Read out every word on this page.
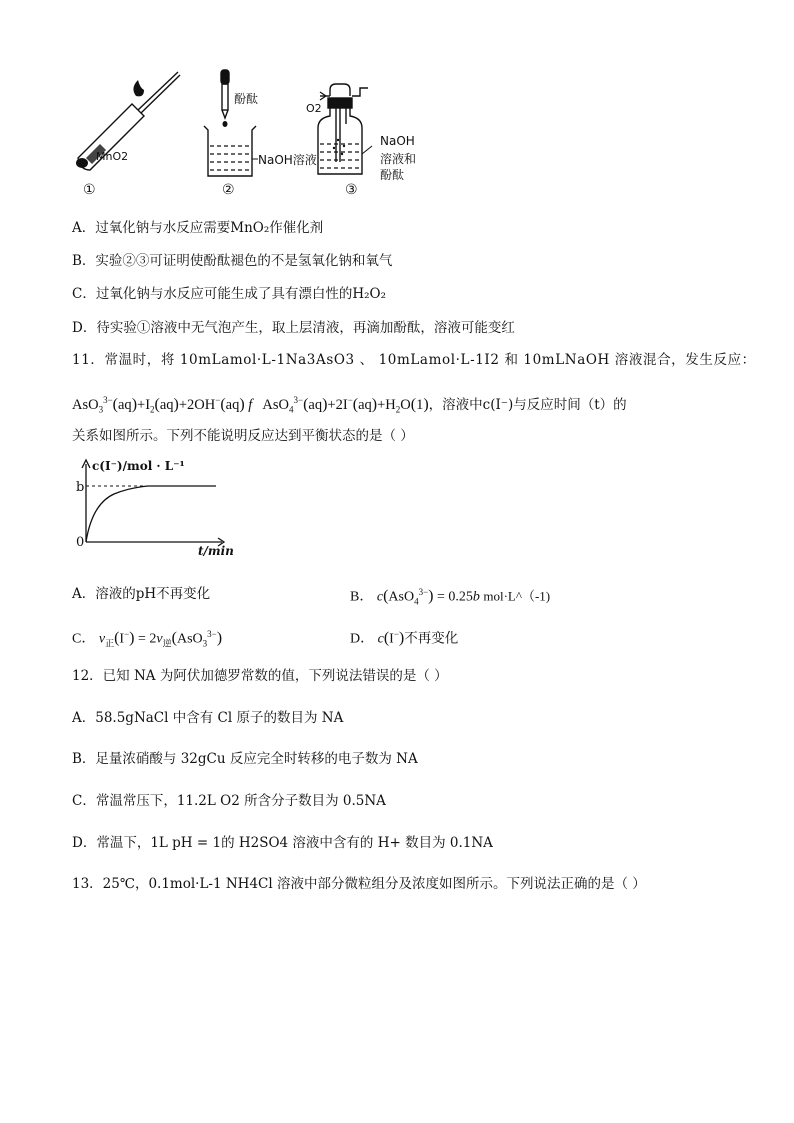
MnO2
①
酚酞
NaOH溶液
②
O2
NaOH
溶液和
酚酞
③
A．过氧化钠与水反应需要MnO₂作催化剂
B．实验②③可证明使酚酞褪色的不是氢氧化钠和氧气
C．过氧化钠与水反应可能生成了具有漂白性的H₂O₂
D．待实验①溶液中无气泡产生，取上层清液，再滴加酚酞，溶液可能变红
11．常温时，将 10mLamol·L-1Na3AsO3 、 10mLamol·L-1I2 和 10mLNaOH 溶液混合，发生反应：
$AsO_3^{3-}(aq)+I_2(aq)+2OH^-(aq)$ f   $AsO_4^{3-}(aq)+2I^-(aq)+H_2O(1)$，溶液中c(I⁻)与反应时间（t）的
关系如图所示。下列不能说明反应达到平衡状态的是（ ）
c(I⁻)/mol · L⁻¹
b
0
t/min
A．溶液的pH不再变化	B． c(AsO$_4^{3-}$) = 0.25b mol·L^（-1)
C． $v_正(I^-) = 2v_逆(AsO_3^{3-})$	D． c(I−)不再变化
12．已知 NA 为阿伏加德罗常数的值，下列说法错误的是（ ）
A．58.5gNaCl 中含有 Cl 原子的数目为 NA
B．足量浓硝酸与 32gCu 反应完全时转移的电子数为 NA
C．常温常压下，11.2L O2 所含分子数目为 0.5NA
D．常温下，1L pH = 1的 H2SO4 溶液中含有的 H+ 数目为 0.1NA
13．25℃，0.1mol·L-1 NH4Cl 溶液中部分微粒组分及浓度如图所示。下列说法正确的是（ ）
